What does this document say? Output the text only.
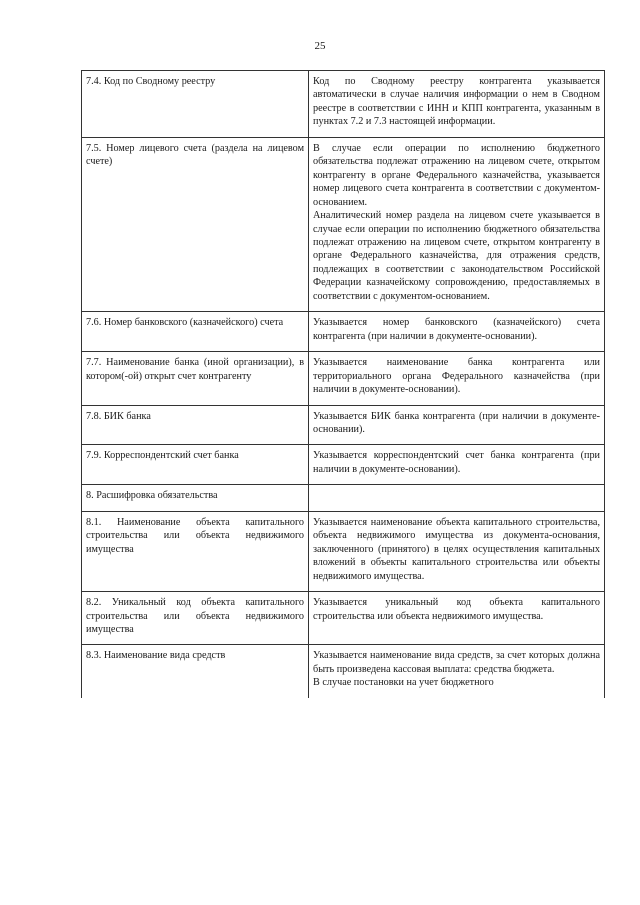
25
7.4. Код по Сводному реестру	Код по Сводному реестру контрагента указывается автоматически в случае наличия информации о нем в Сводном реестре в соответствии с ИНН и КПП контрагента, указанным в пунктах 7.2 и 7.3 настоящей информации.

7.5. Номер лицевого счета (раздела на лицевом счете)	В случае если операции по исполнению бюджетного обязательства подлежат отражению на лицевом счете, открытом контрагенту в органе Федерального казначейства, указывается номер лицевого счета контрагента в соответствии с документом-основанием.
Аналитический номер раздела на лицевом счете указывается в случае если операции по исполнению бюджетного обязательства подлежат отражению на лицевом счете, открытом контрагенту в органе Федерального казначейства, для отражения средств, подлежащих в соответствии с законодательством Российской Федерации казначейскому сопровождению, предоставляемых в соответствии с документом-основанием.

7.6. Номер банковского (казначейского) счета	Указывается номер банковского (казначейского) счета контрагента (при наличии в документе-основании).

7.7. Наименование банка (иной организации), в котором(-ой) открыт счет контрагенту	Указывается наименование банка контрагента или территориального органа Федерального казначейства (при наличии в документе-основании).

7.8. БИК банка	Указывается БИК банка контрагента (при наличии в документе-основании).

7.9. Корреспондентский счет банка	Указывается корреспондентский счет банка контрагента (при наличии в документе-основании).

8. Расшифровка обязательства	
8.1. Наименование объекта капитального строительства или объекта недвижимого имущества	Указывается наименование объекта капитального строительства, объекта недвижимого имущества из документа-основания, заключенного (принятого) в целях осуществления капитальных вложений в объекты капитального строительства или объекты недвижимого имущества.

8.2. Уникальный код объекта капитального строительства или объекта недвижимого имущества	Указывается уникальный код объекта капитального строительства или объекта недвижимого имущества.

8.3. Наименование вида средств	Указывается наименование вида средств, за счет которых должна быть произведена кассовая выплата: средства бюджета.
В случае постановки на учет бюджетного
